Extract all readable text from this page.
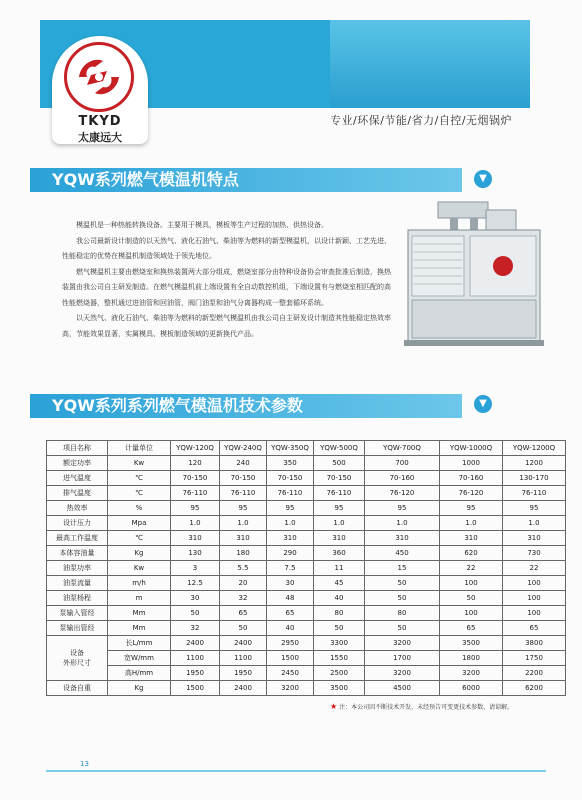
TKYD
太康远大
专业/环保/节能/省力/自控/无烟锅炉
YQW系列燃气模温机特点	▼

模温机是一种热能转换设备。主要用于模具，模板等生产过程的加热、供热设备。

我公司最新设计制造的以天然气、液化石油气、柴油等为燃料的新型模温机，以设计新颖、工艺先进、性能稳定的优势在模温机制造领域处于领先地位。

燃气模温机主要由燃烧室和换热装置两大部分组成，燃烧室部分由特种设备协会审查批准后制造，换热装置由我公司自主研发制造。在燃气模温机前上端设置有全自动数控机组，下端设置有与燃烧室相匹配的高性能燃烧器，整机通过进油管和回油管，阀门油泵和油气分离器构成一整套循环系统。

以天然气、液化石油气、柴油等为燃料的新型燃气模温机由我公司自主研发设计制造其性能稳定热效率高，节能效果显著，实属模具、模板制造领域的更新换代产品。

YQW系列系列燃气模温机技术参数	▼
项目名称	计量单位	YQW-120Q	YQW-240Q	YQW-350Q	YQW-500Q	YQW-700Q	YQW-1000Q	YQW-1200Q
额定功率	Kw	120	240	350	500	700	1000	1200
进气温度	℃	70-150	70-150	70-150	70-150	70-160	70-160	130-170
排气温度	℃	76-110	76-110	76-110	76-110	76-120	76-120	76-110
热效率	%	95	95	95	95	95	95	95
设计压力	Mpa	1.0	1.0	1.0	1.0	1.0	1.0	1.0
最高工作温度	℃	310	310	310	310	310	310	310
本体容油量	Kg	130	180	290	360	450	620	730
油泵功率	Kw	3	5.5	7.5	11	15	22	22
油泵流量	m/h	12.5	20	30	45	50	100	100
油泵杨程	m	30	32	48	40	50	50	100
泵输入管经	Mm	50	65	65	80	80	100	100
泵输出管经	Mm	32	50	40	50	50	65	65
设备
外形尺寸	长L/mm	2400	2400	2950	3300	3200	3500	3800
	宽W/mm	1100	1100	1500	1550	1700	1800	1750
	高H/mm	1950	1950	2450	2500	3200	3200	2200
设备自重	Kg	1500	2400	3200	3500	4500	6000	6200
★ 注：本公司因不断技术开发，未经预告可变更技术参数，请谅解。
13
